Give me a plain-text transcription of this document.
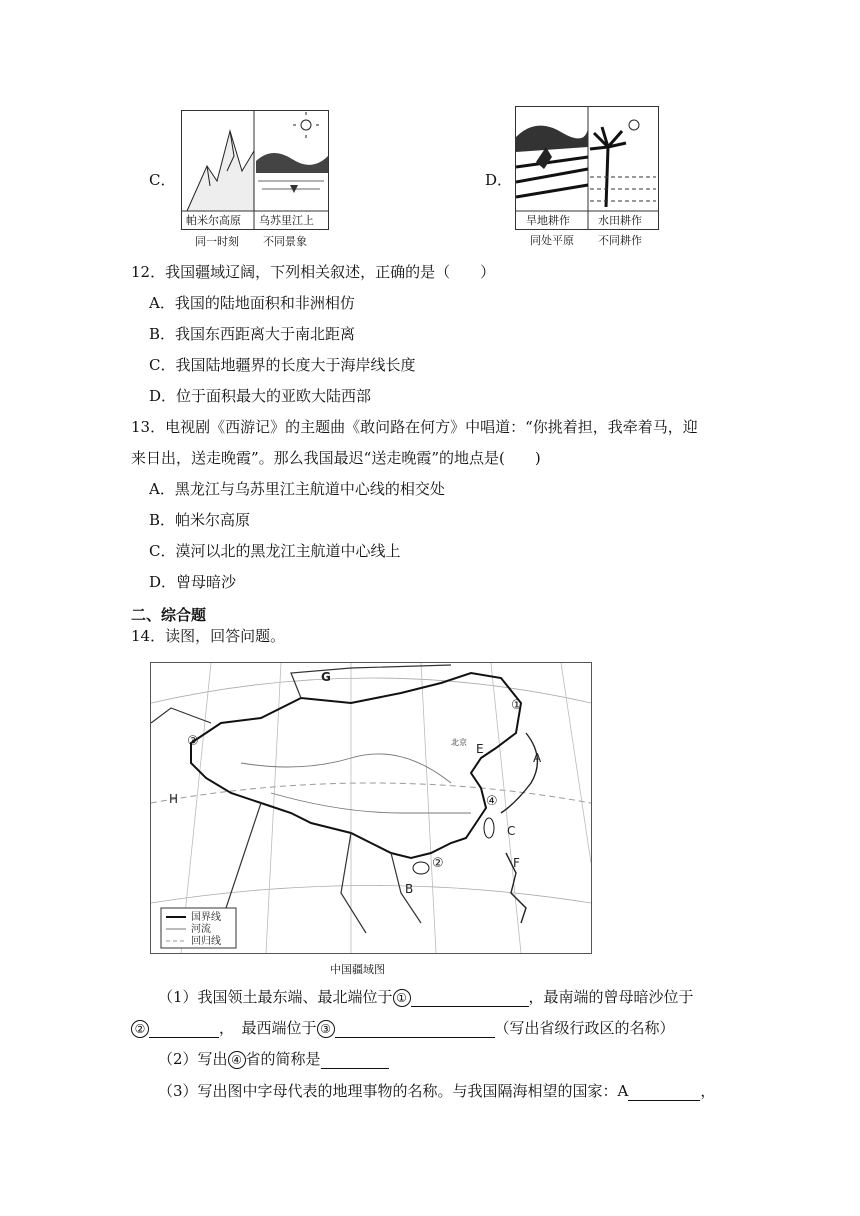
C．
帕米尔高原 乌苏里江上
同一时刻 不同景象
D．
旱地耕作	水田耕作
同处平原 不同耕作
12．我国疆域辽阔，下列相关叙述，正确的是（　　）
A．我国的陆地面积和非洲相仿
B．我国东西距离大于南北距离
C．我国陆地疆界的长度大于海岸线长度
D．位于面积最大的亚欧大陆西部
13．电视剧《西游记》的主题曲《敢问路在何方》中唱道：“你挑着担，我牵着马，迎
来日出，送走晚霞”。那么我国最迟“送走晚霞”的地点是(　　)
A．黑龙江与乌苏里江主航道中心线的相交处
B．帕米尔高原
C．漠河以北的黑龙江主航道中心线上
D．曾母暗沙
二、综合题
14．读图，回答问题。
国界线
河流
回归线
G
E
北京
A
C
F
B
H
①
②
③
④
中国疆域图
（1）我国领土最东端、最北端位于 ①	，最南端的曾母暗沙位于
②	，　最西端位于 ③	（写出省级行政区的名称）
（2）写出 ④ 省的简称是
（3）写出图中字母代表的地理事物的名称。与我国隔海相望的国家：A	，
